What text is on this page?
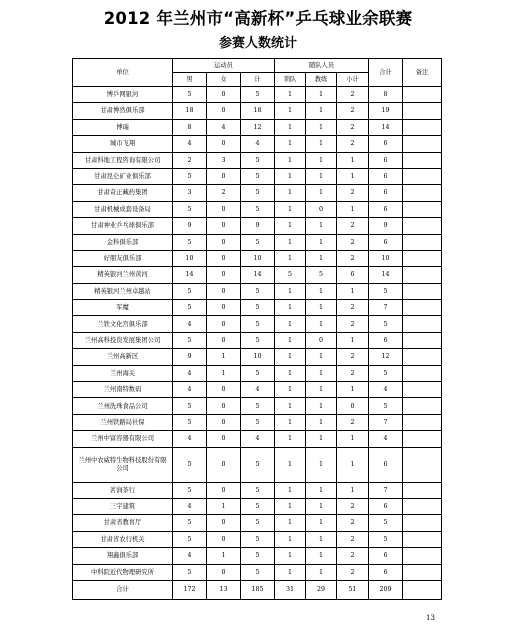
2012 年兰州市“高新杯”乒乓球业余联赛
参赛人数统计
单位	运动员			随队人员			合计	备注
	男	女	计	领队	教练	小计		
博乒网银河	5	0	5	1	1	2	8	
甘肃博然俱乐部	18	0	18	1	1	2	19	
博瑞	8	4	12	1	1	2	14	
城市飞翔	4	0	4	1	1	2	6	
甘肃科地工程咨询有限公司	2	3	5	1	1	1	6	
甘肃昆仑矿业俱乐部	5	0	5	1	1	1	6	
甘肃奇正藏药集团	3	2	5	1	1	2	6	
甘肃机械成套设备局	5	0	5	1	0	1	6	
甘肃神业乒乓球俱乐部	9	0	9	1	1	2	9	
金科俱乐部	5	0	5	1	1	2	6	
好朋友俱乐部	10	0	10	1	1	2	10	
精英银河兰州黄河	14	0	14	5	5	6	14	
精英银河兰州卓越站	5	0	5	1	1	1	5	
军魔	5	0	5	1	1	2	7	
兰铁文化宫俱乐部	4	0	5	1	1	2	5	
兰州高科投资发展集团公司	5	0	5	1	0	1	6	
兰州高新区	9	1	10	1	1	2	12	
兰州海关	4	1	5	1	1	2	5	
兰州南特数码	4	0	4	1	1	1	4	
兰州洗珠食品公司	5	0	5	1	1	0	5	
兰州铁路局社保	5	0	5	1	1	2	7	
兰州中富容器有限公司	4	0	4	1	1	1	4	
兰州中农威特生物科技股份有限公司	5	0	5	1	1	1	6	
茗润茶行	5	0	5	1	1	1	7	
三宇建筑	4	1	5	1	1	2	6	
甘肃省教育厅	5	0	5	1	1	2	5	
甘肃省农行机关	5	0	5	1	1	2	5	
翔鑫俱乐部	4	1	5	1	1	2	6	
中科院近代物理研究所	5	0	5	1	1	2	6	
合计	172	13	185	31	29	51	209	
13
